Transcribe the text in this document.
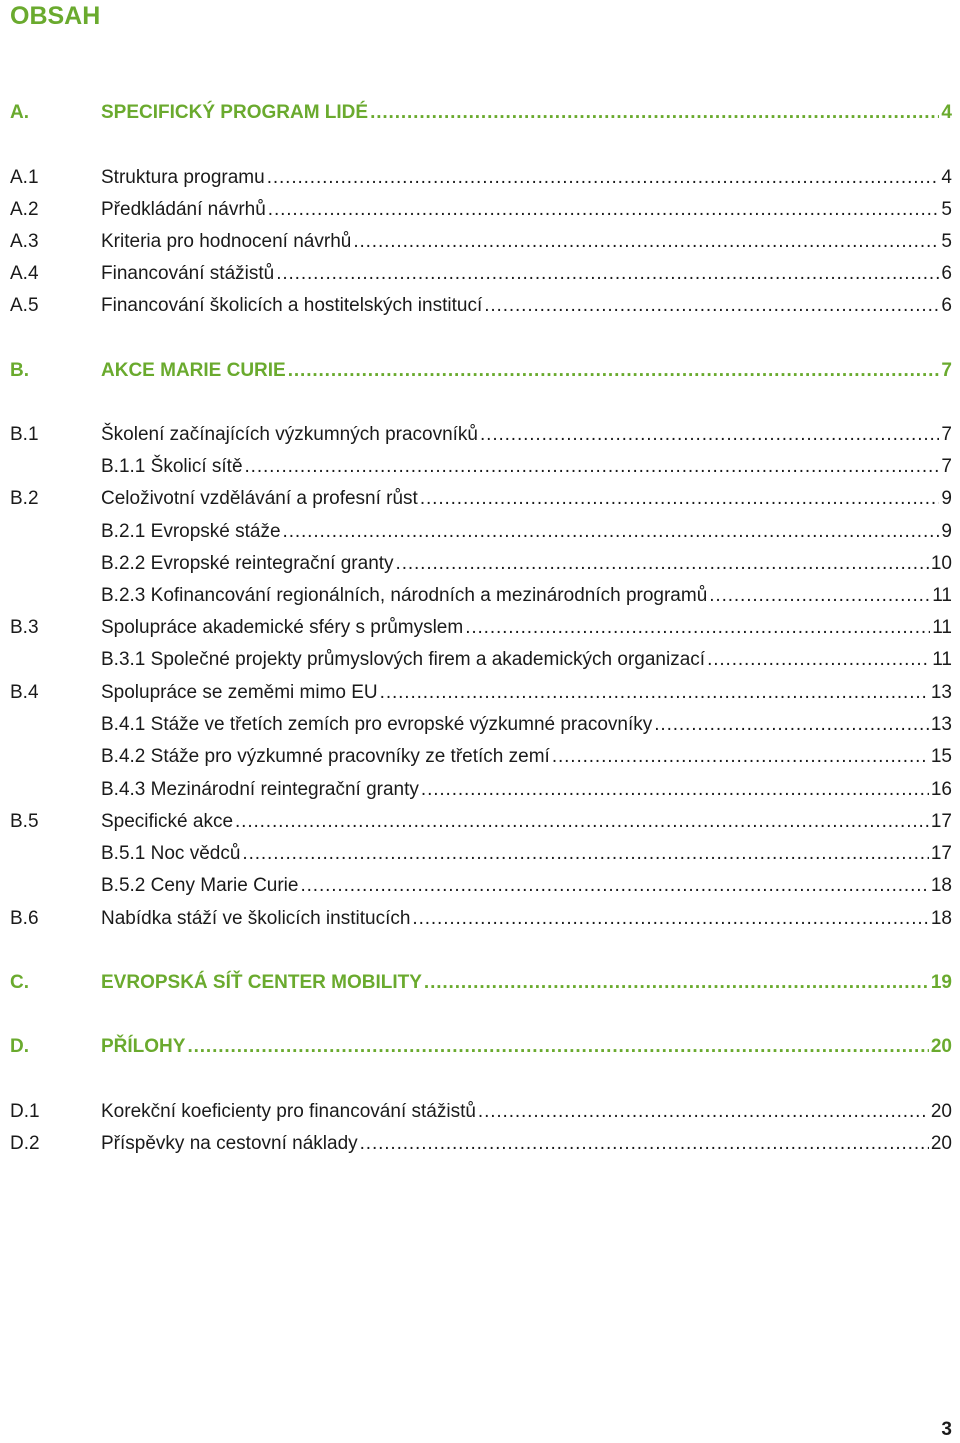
OBSAH
A.	SPECIFICKÝ PROGRAM LIDÉ . . .	4
A.1	Struktura programu . . .	4
A.2	Předkládání návrhů . . .	5
A.3	Kriteria pro hodnocení návrhů . . .	5
A.4	Financování stážistů . . .	6
A.5	Financování školicích a hostitelských institucí . . .	6
B.	AKCE MARIE CURIE . . .	7
B.1	Školení začínajících výzkumných pracovníků . . .	7
B.1.1 Školicí sítě . . .	7
B.2	Celoživotní vzdělávání a profesní růst . . .	9
B.2.1 Evropské stáže . . .	9
B.2.2 Evropské reintegrační granty . . .	10
B.2.3 Kofinancování regionálních, národních a mezinárodních programů . . .	11
B.3	Spolupráce akademické sféry s průmyslem . . .	11
B.3.1 Společné projekty průmyslových firem a akademických organizací . . .	11
B.4	Spolupráce se zeměmi mimo EU . . .	13
B.4.1 Stáže ve třetích zemích pro evropské výzkumné pracovníky . . .	13
B.4.2 Stáže pro výzkumné pracovníky ze třetích zemí . . .	15
B.4.3 Mezinárodní reintegrační granty . . .	16
B.5	Specifické akce . . .	17
B.5.1 Noc vědců . . .	17
B.5.2 Ceny Marie Curie . . .	18
B.6	Nabídka stáží ve školicích institucích . . .	18
C.	EVROPSKÁ SÍŤ CENTER MOBILITY . . .	19
D.	PŘÍLOHY . . .	20
D.1	Korekční koeficienty pro financování stážistů . . .	20
D.2	Příspěvky na cestovní náklady . . .	20
3
